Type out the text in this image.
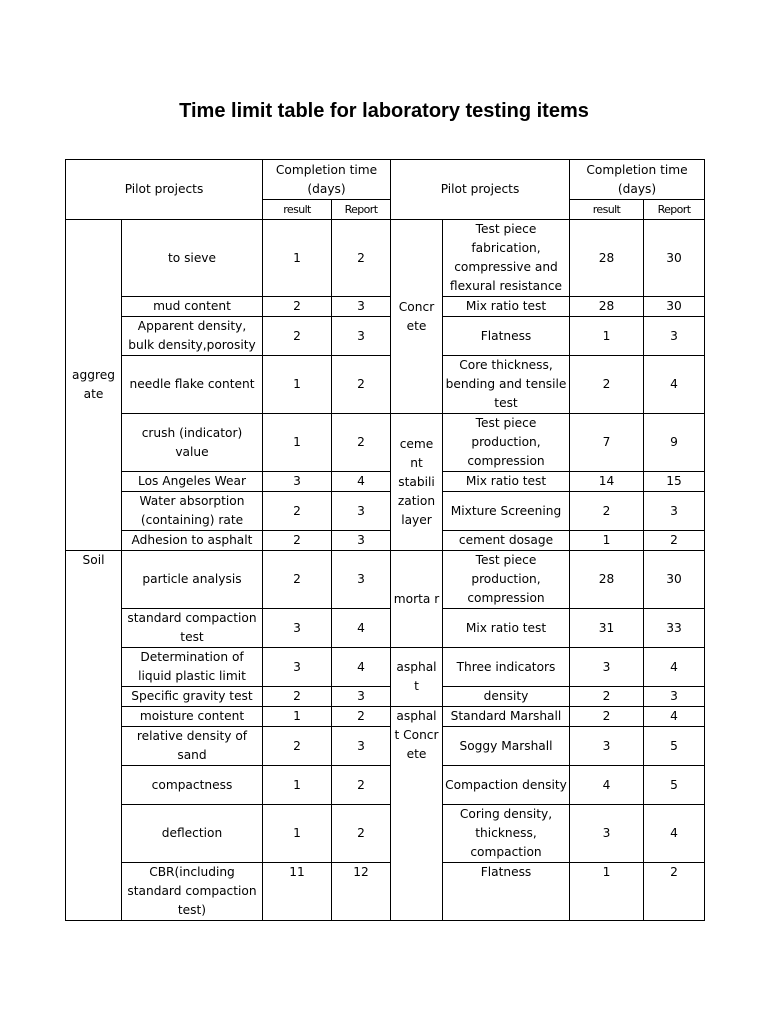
Time limit table for laboratory testing items
Pilot projects		Completion time (days)		Pilot projects		Completion time (days)	
		result	Report			result	Report
aggreg ate	to sieve	1	2	Concr ete	Test piece fabrication, compressive and flexural resistance	28	30
	mud content	2	3		Mix ratio test	28	30
	Apparent density, bulk density,porosity	2	3		Flatness	1	3
	needle flake content	1	2		Core thickness, bending and tensile test	2	4
	crush (indicator) value	1	2	ceme nt stabili zation layer	Test piece production, compression	7	9
	Los Angeles Wear	3	4		Mix ratio test	14	15
	Water absorption (containing) rate	2	3		Mixture Screening	2	3
	Adhesion to asphalt	2	3		cement dosage	1	2
Soil	particle analysis	2	3	morta r	Test piece production, compression	28	30
	standard compaction test	3	4		Mix ratio test	31	33
	Determination of liquid plastic limit	3	4	asphal t	Three indicators	3	4
	Specific gravity test	2	3		density	2	3
	moisture content	1	2	asphal t Concr ete	Standard Marshall	2	4
	relative density of sand	2	3		Soggy Marshall	3	5
	compactness	1	2		Compaction density	4	5
	deflection	1	2		Coring density, thickness, compaction	3	4
	CBR(including standard compaction test)	11	12		Flatness	1	2
